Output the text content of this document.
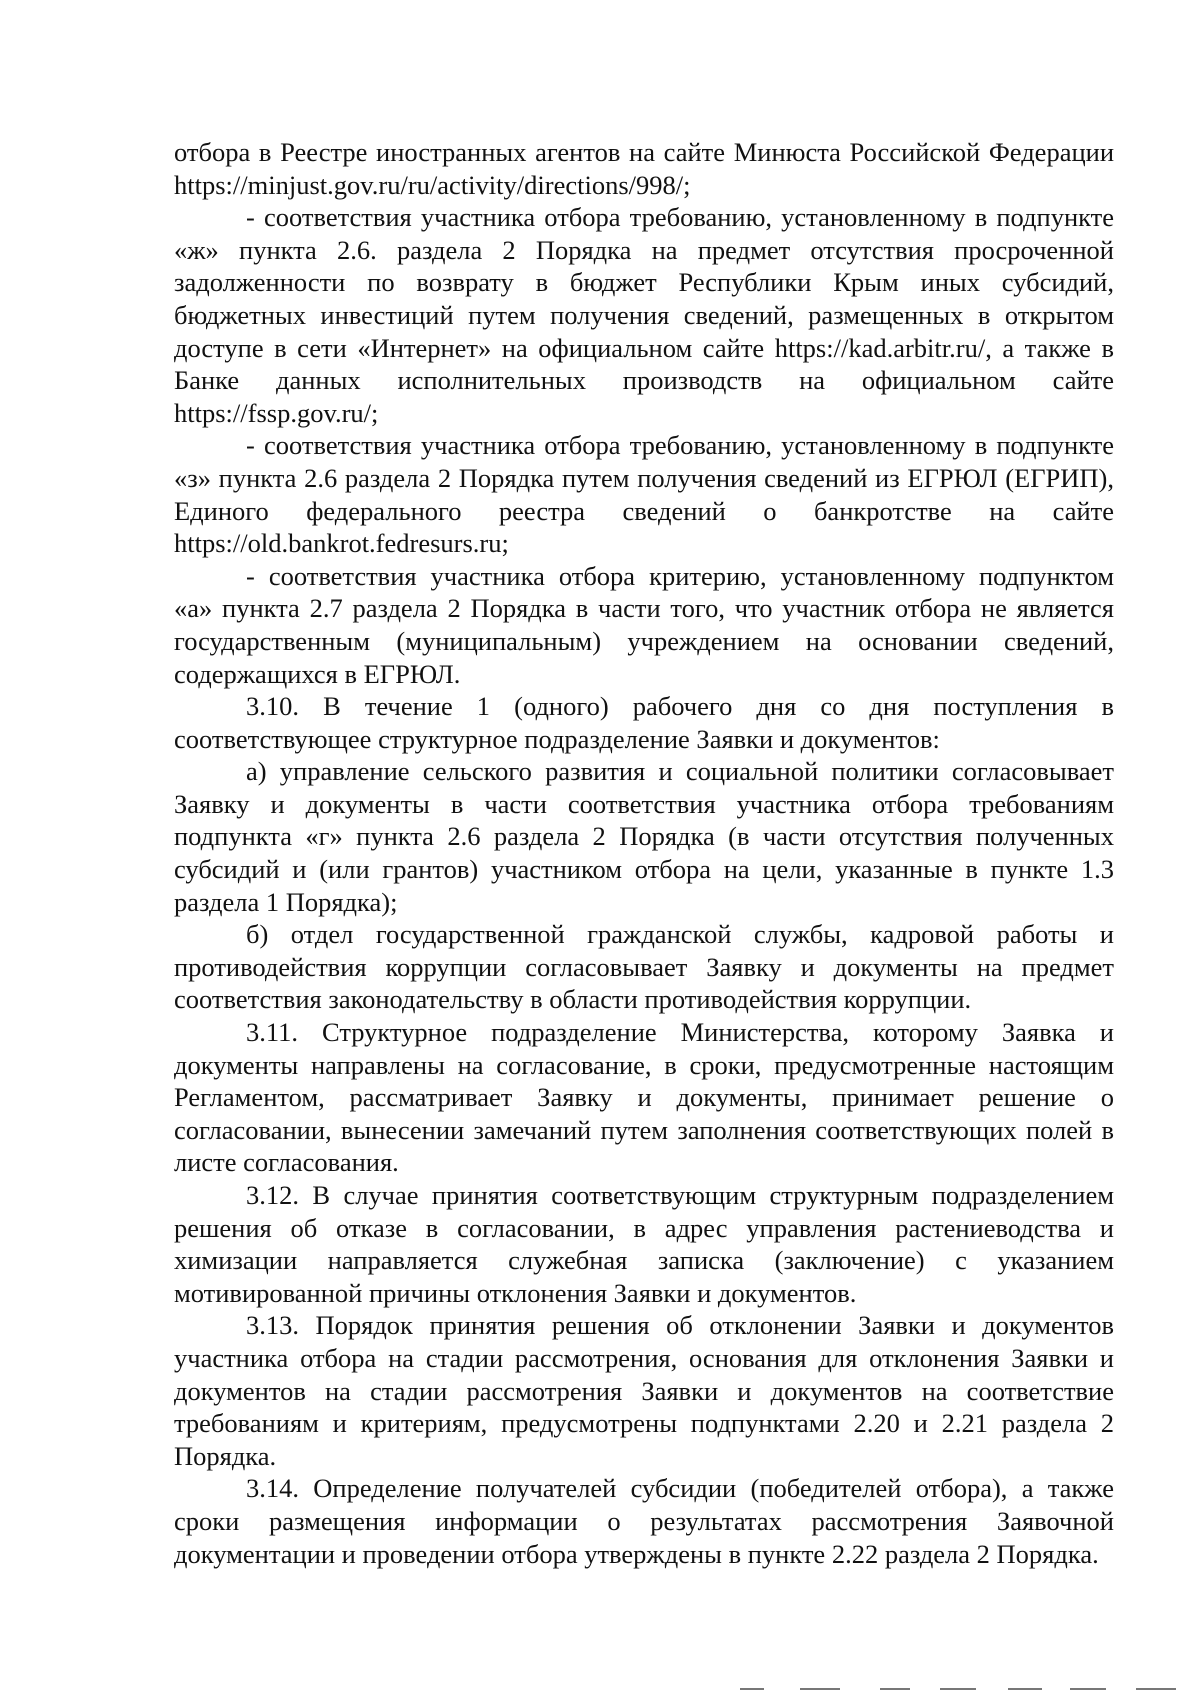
отбора в Реестре иностранных агентов на сайте Минюста Российской Федерации https://minjust.gov.ru/ru/activity/directions/998/;

- соответствия участника отбора требованию, установленному в подпункте «ж» пункта 2.6. раздела 2 Порядка на предмет отсутствия просроченной задолженности по возврату в бюджет Республики Крым иных субсидий, бюджетных инвестиций путем получения сведений, размещенных в открытом доступе в сети «Интернет» на официальном сайте https://kad.arbitr.ru/, а также в Банке данных исполнительных производств на официальном сайте https://fssp.gov.ru/;

- соответствия участника отбора требованию, установленному в подпункте «з» пункта 2.6 раздела 2 Порядка путем получения сведений из ЕГРЮЛ (ЕГРИП), Единого федерального реестра сведений о банкротстве на сайте https://old.bankrot.fedresurs.ru;

- соответствия участника отбора критерию, установленному подпунктом «а» пункта 2.7 раздела 2 Порядка в части того, что участник отбора не является государственным (муниципальным) учреждением на основании сведений, содержащихся в ЕГРЮЛ.

3.10. В течение 1 (одного) рабочего дня со дня поступления в соответствующее структурное подразделение Заявки и документов:

а) управление сельского развития и социальной политики согласовывает Заявку и документы в части соответствия участника отбора требованиям подпункта «г» пункта 2.6 раздела 2 Порядка (в части отсутствия полученных субсидий и (или грантов) участником отбора на цели, указанные в пункте 1.3 раздела 1 Порядка);

б) отдел государственной гражданской службы, кадровой работы и противодействия коррупции согласовывает Заявку и документы на предмет соответствия законодательству в области противодействия коррупции.

3.11. Структурное подразделение Министерства, которому Заявка и документы направлены на согласование, в сроки, предусмотренные настоящим Регламентом, рассматривает Заявку и документы, принимает решение о согласовании, вынесении замечаний путем заполнения соответствующих полей в листе согласования.

3.12. В случае принятия соответствующим структурным подразделением решения об отказе в согласовании, в адрес управления растениеводства и химизации направляется служебная записка (заключение) с указанием мотивированной причины отклонения Заявки и документов.

3.13. Порядок принятия решения об отклонении Заявки и документов участника отбора на стадии рассмотрения, основания для отклонения Заявки и документов на стадии рассмотрения Заявки и документов на соответствие требованиям и критериям, предусмотрены подпунктами 2.20 и 2.21 раздела 2 Порядка.

3.14. Определение получателей субсидии (победителей отбора), а также сроки размещения информации о результатах рассмотрения Заявочной документации и проведении отбора утверждены в пункте 2.22 раздела 2 Порядка.
